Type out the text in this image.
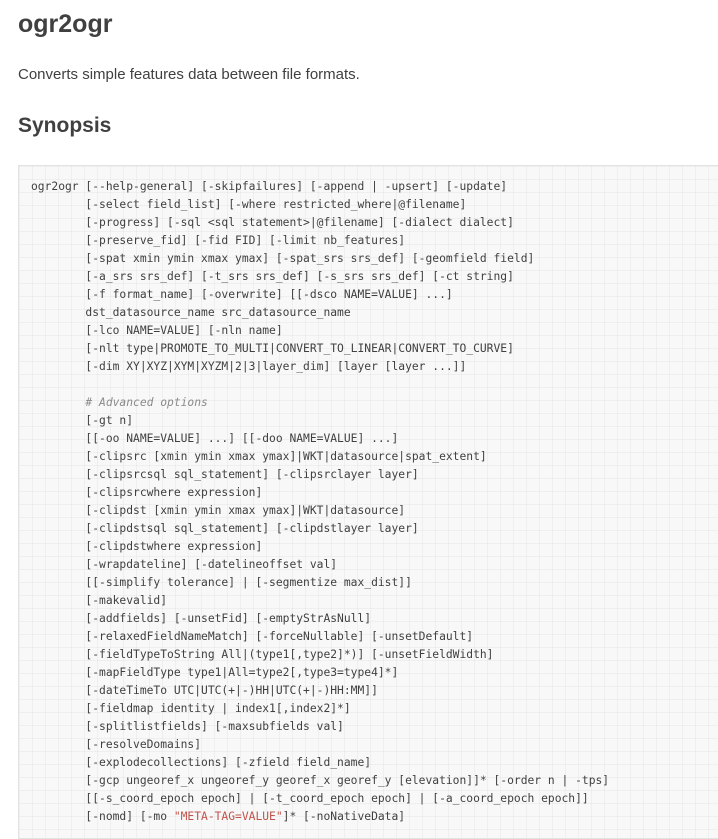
ogr2ogr

Converts simple features data between file formats.

Synopsis
ogr2ogr [--help-general] [-skipfailures] [-append | -upsert] [-update]
[-select field_list] [-where restricted_where|@filename]
[-progress] [-sql <sql statement>|@filename] [-dialect dialect]
[-preserve_fid] [-fid FID] [-limit nb_features]
[-spat xmin ymin xmax ymax] [-spat_srs srs_def] [-geomfield field]
[-a_srs srs_def] [-t_srs srs_def] [-s_srs srs_def] [-ct string]
[-f format_name] [-overwrite] [[-dsco NAME=VALUE] ...]
dst_datasource_name src_datasource_name
[-lco NAME=VALUE] [-nln name]
[-nlt type|PROMOTE_TO_MULTI|CONVERT_TO_LINEAR|CONVERT_TO_CURVE]
[-dim XY|XYZ|XYM|XYZM|2|3|layer_dim] [layer [layer ...]]
# Advanced options
[-gt n]
[[-oo NAME=VALUE] ...] [[-doo NAME=VALUE] ...]
[-clipsrc [xmin ymin xmax ymax]|WKT|datasource|spat_extent]
[-clipsrcsql sql_statement] [-clipsrclayer layer]
[-clipsrcwhere expression]
[-clipdst [xmin ymin xmax ymax]|WKT|datasource]
[-clipdstsql sql_statement] [-clipdstlayer layer]
[-clipdstwhere expression]
[-wrapdateline] [-datelineoffset val]
[[-simplify tolerance] | [-segmentize max_dist]]
[-makevalid]
[-addfields] [-unsetFid] [-emptyStrAsNull]
[-relaxedFieldNameMatch] [-forceNullable] [-unsetDefault]
[-fieldTypeToString All|(type1[,type2]*)] [-unsetFieldWidth]
[-mapFieldType type1|All=type2[,type3=type4]*]
[-dateTimeTo UTC|UTC(+|-)HH|UTC(+|-)HH:MM]]
[-fieldmap identity | index1[,index2]*]
[-splitlistfields] [-maxsubfields val]
[-resolveDomains]
[-explodecollections] [-zfield field_name]
[-gcp ungeoref_x ungeoref_y georef_x georef_y [elevation]]* [-order n | -tps]
[[-s_coord_epoch epoch] | [-t_coord_epoch epoch] | [-a_coord_epoch epoch]]
[-nomd] [-mo "META-TAG=VALUE"]* [-noNativeData]
